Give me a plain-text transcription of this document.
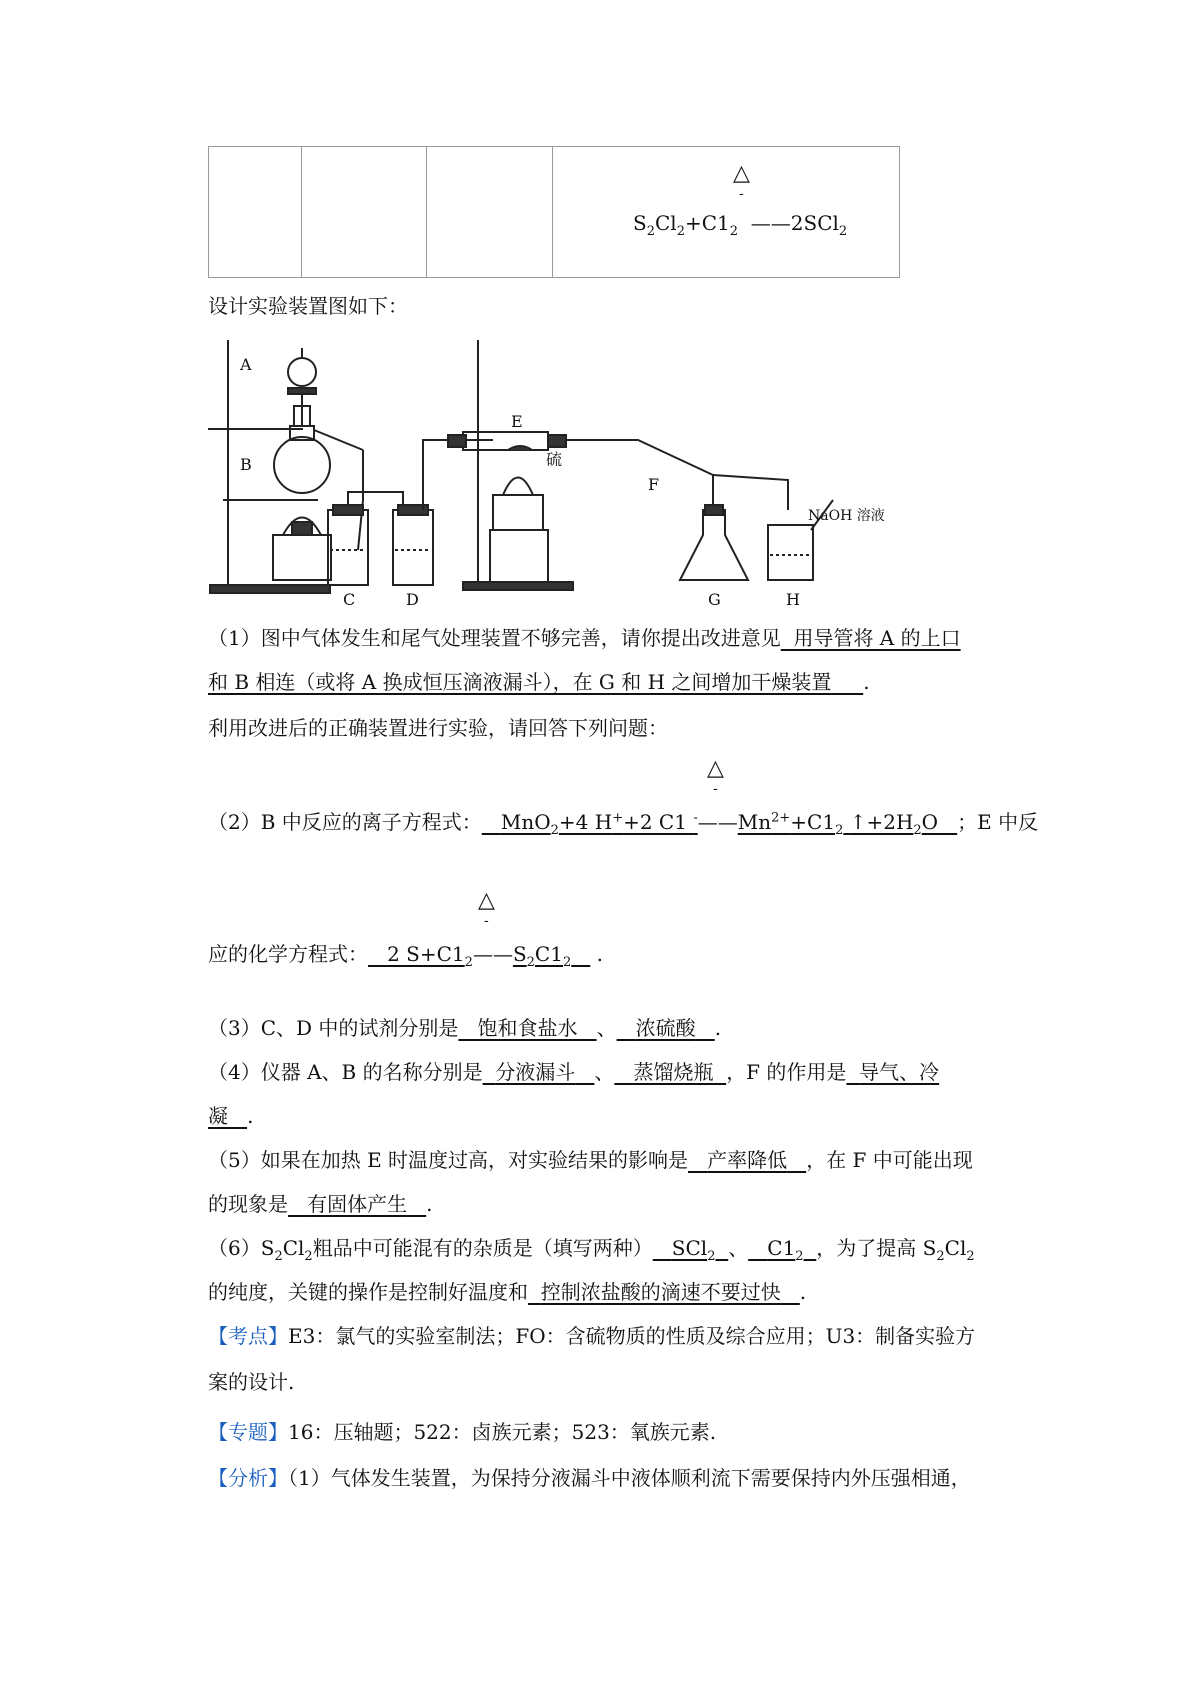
△
-
$S_2Cl_2+C1_2$ ——2SCl$_2$
设计实验装置图如下：
A
B
C	D
E
F
G	H
硫
NaOH 溶液
（1）图中气体发生和尾气处理装置不够完善，请你提出改进意见 用导管将 A 的上口
和 B 相连（或将 A 换成恒压滴液漏斗），在 G 和 H 之间增加干燥装置 .
利用改进后的正确装置进行实验，请回答下列问题：
△
-
（2）B 中反应的离子方程式： MnO$_2$+4 H++2 C1 $^-——Mn^{2+}+C1_2$ $↑+2H_2O$ ；E 中反
△
-
应的化学方程式： 2 $S+C1_2——S_2C1_2$ .
（3）C、D 中的试剂分别是 饱和食盐水 、 浓硫酸 .
（4）仪器 A、B 的名称分别是 分液漏斗 、 蒸馏烧瓶 ，F 的作用是 导气、冷
凝 .
（5）如果在加热 E 时温度过高，对实验结果的影响是 产率降低 ，在 F 中可能出现
的现象是 有固体产生 .
$(6)S_2Cl_2$粗品中可能混有的杂质是（填写两种） SCl$_2$ 、 $C1_2$ ，为了提高 $S_2Cl_2$
的纯度，关键的操作是控制好温度和 控制浓盐酸的滴速不要过快 .
【考点】E3：氯气的实验室制法；FO：含硫物质的性质及综合应用；U3：制备实验方
案的设计.
【专题】16：压轴题；522：卤族元素；523：氧族元素.
【分析】（1）气体发生装置，为保持分液漏斗中液体顺利流下需要保持内外压强相通，
